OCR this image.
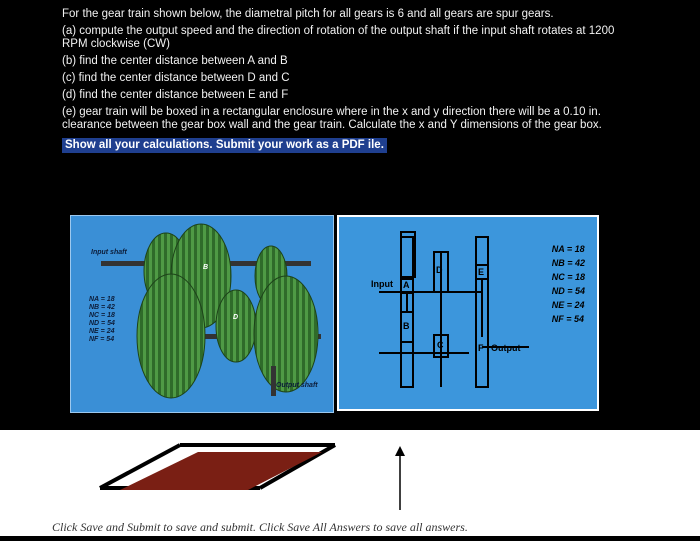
For the gear train shown below, the diametral pitch for all gears is 6 and all gears are spur gears.

(a) compute the output speed and the direction of rotation of the output shaft if the input shaft rotates at 1200 RPM clockwise (CW)

(b) find the center distance between A and B

(c) find the center distance between D and C

(d) find the center distance between E and F

(e) gear train will be boxed in a rectangular enclosure where in the x and y direction there will be a 0.10 in. clearance between the gear box wall and the gear train. Calculate the x and Y dimensions of the gear box.

Show all your calculations. Submit your work as a PDF ile.
Input shaft
Output shaft
B
D
NA = 18
NB = 42
NC = 18
ND = 54
NE = 24
NF = 54
Input A
B
C
D	E
F Output
NA = 18
NB = 42
NC = 18
ND = 54
NE = 24
NF = 54
Click Save and Submit to save and submit. Click Save All Answers to save all answers.
